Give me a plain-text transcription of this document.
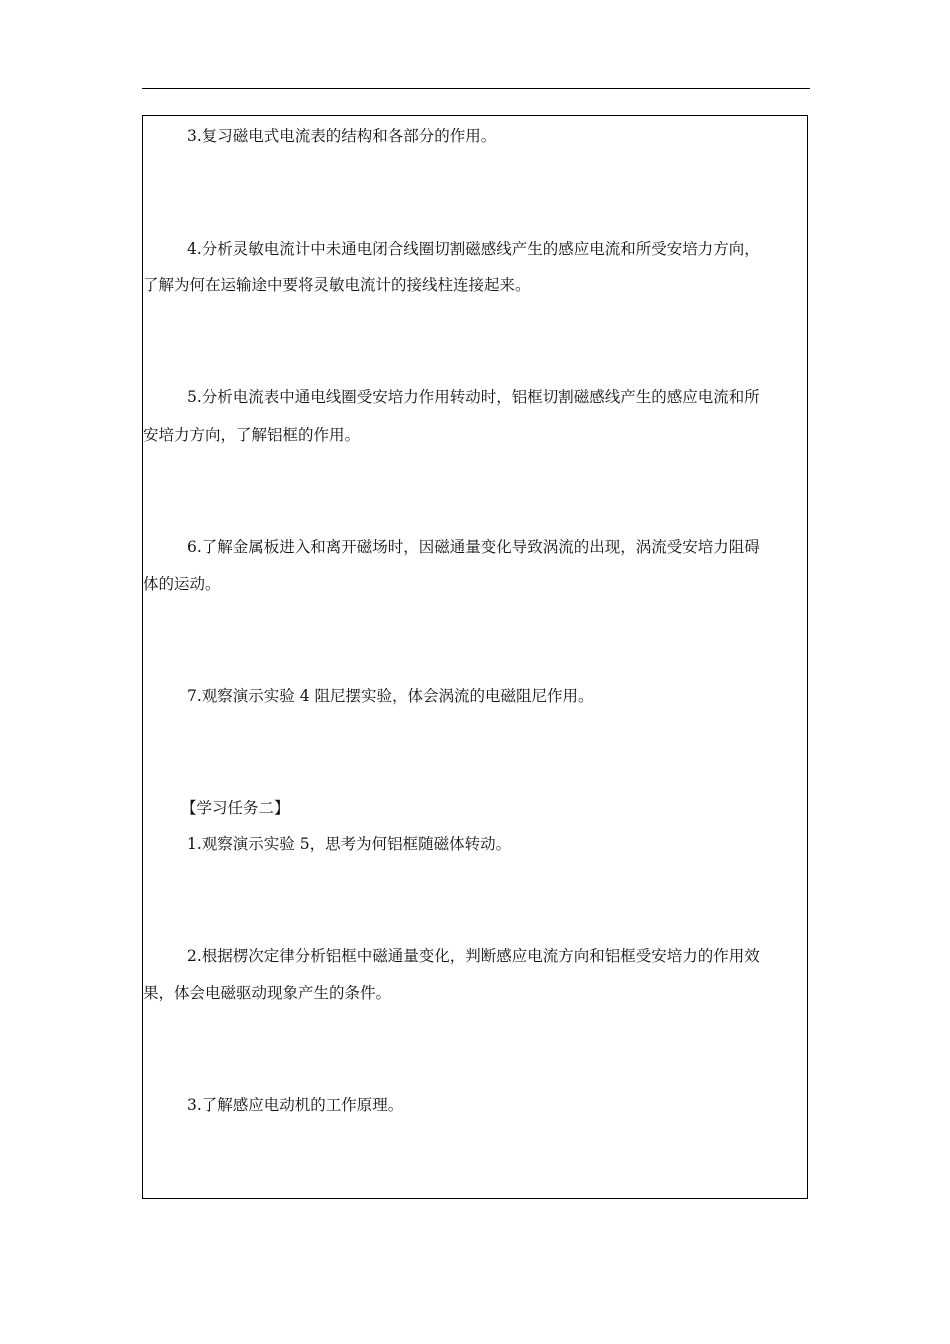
3.复习磁电式电流表的结构和各部分的作用。
4.分析灵敏电流计中未通电闭合线圈切割磁感线产生的感应电流和所受安培力方向，
了解为何在运输途中要将灵敏电流计的接线柱连接起来。
5.分析电流表中通电线圈受安培力作用转动时，铝框切割磁感线产生的感应电流和所
安培力方向，了解铝框的作用。
6.了解金属板进入和离开磁场时，因磁通量变化导致涡流的出现，涡流受安培力阻碍
体的运动。
7.观察演示实验 4 阻尼摆实验，体会涡流的电磁阻尼作用。
【学习任务二】
1.观察演示实验 5，思考为何铝框随磁体转动。
2.根据楞次定律分析铝框中磁通量变化，判断感应电流方向和铝框受安培力的作用效
果，体会电磁驱动现象产生的条件。
3.了解感应电动机的工作原理。
